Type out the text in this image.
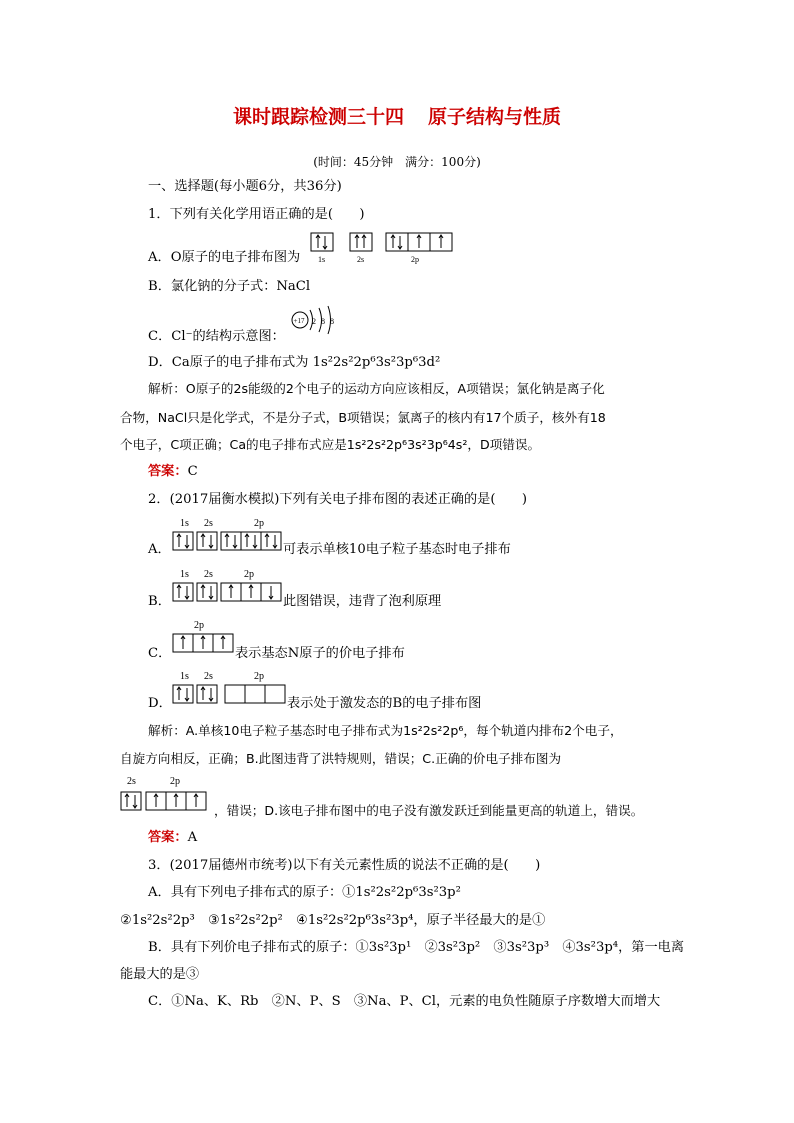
课时跟踪检测三十四 原子结构与性质
(时间：45分钟　满分：100分)
一、选择题(每小题6分，共36分)
1．下列有关化学用语正确的是(　　)
A．O原子的电子排布图为 1s	2s	2p
B．氯化钠的分子式：NaCl
C．Cl⁻的结构示意图：
+17 2 8 8
D．Ca原子的电子排布式为 1s²2s²2p⁶3s²3p⁶3d²
解析：O原子的2s能级的2个电子的运动方向应该相反，A项错误；氯化钠是离子化
合物，NaCl只是化学式，不是分子式，B项错误；氯离子的核内有17个质子，核外有18
个电子，C项正确；Ca的电子排布式应是1s²2s²2p⁶3s²3p⁶4s²，D项错误。
答案：C
2．(2017届衡水模拟)下列有关电子排布图的表述正确的是(　　)
A．
1s 2s	2p
可表示单核10电子粒子基态时电子排布
B．
1s 2s	2p
此图错误，违背了泡利原理
C．
2p
表示基态N原子的价电子排布
D．
1s 2s	2p
表示处于激发态的B的电子排布图
解析：A.单核10电子粒子基态时电子排布式为1s²2s²2p⁶，每个轨道内排布2个电子，
自旋方向相反，正确；B.此图违背了洪特规则，错误；C.正确的价电子排布图为
2s	2p
，错误；D.该电子排布图中的电子没有激发跃迁到能量更高的轨道上，错误。
答案：A
3．(2017届德州市统考)以下有关元素性质的说法不正确的是(　　)
A．具有下列电子排布式的原子：①1s²2s²2p⁶3s²3p²
②1s²2s²2p³　③1s²2s²2p²　④1s²2s²2p⁶3s²3p⁴，原子半径最大的是①
B．具有下列价电子排布式的原子：①3s²3p¹　②3s²3p²　③3s²3p³　④3s²3p⁴，第一电离
能最大的是③
C．①Na、K、Rb　②N、P、S　③Na、P、Cl，元素的电负性随原子序数增大而增大
